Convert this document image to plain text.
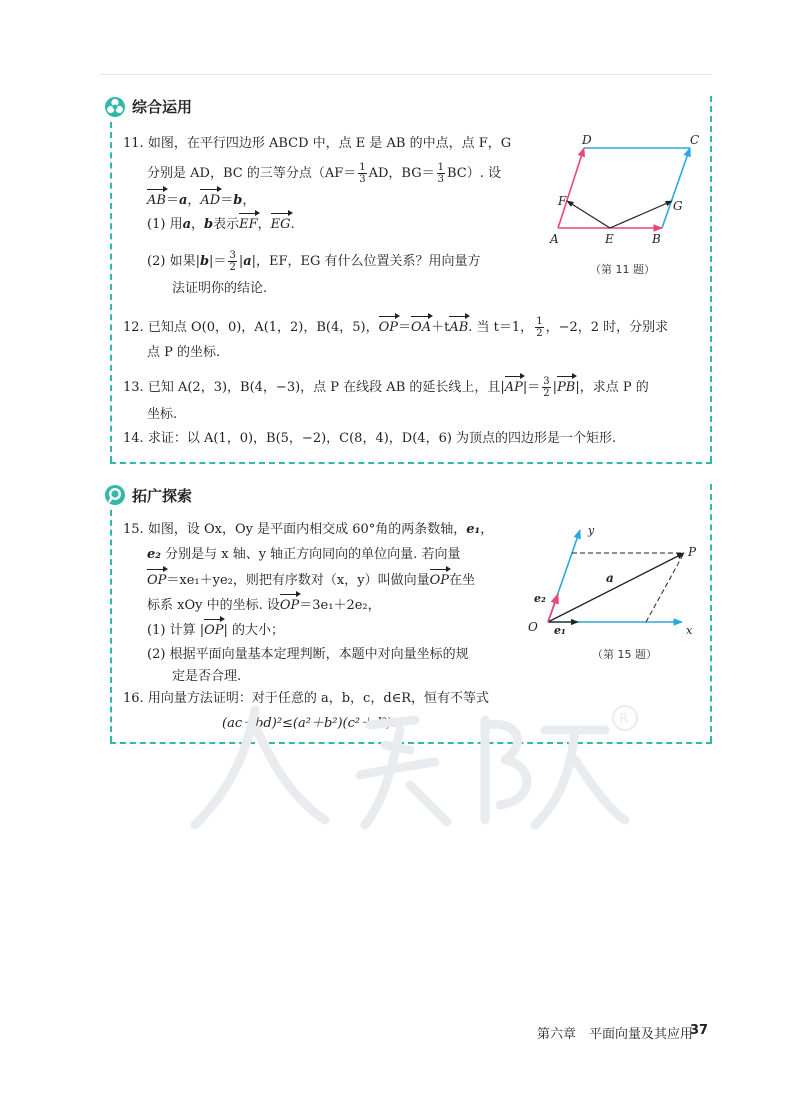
综合运用
11. 如图，在平行四边形 ABCD 中，点 E 是 AB 的中点，点 F，G
分别是 AD，BC 的三等分点（$AF= \frac{1}{3}$ AD，$BG= \frac{1}{3} BC$）. 设
AB＝a，AD＝b，
(1) 用a，b表示EF，EG.
(2) 如果$|b|= \frac{3}{2} |a|$，EF，EG 有什么位置关系？用向量方
法证明你的结论.
D	C
F	G
A	E	B
（第 11 题）
12. 已知点 O(0，0)，A(1，2)，B(4，5)，OP＝OA＋tAB. 当 t＝1， $\frac{1}{2}$ ，−2，2 时，分别求
点 P 的坐标.
13. 已知 A(2，3)，B(4，−3)，点 P 在线段 AB 的延长线上，且$|AP|= \frac{3}{2} |PB|$，求点 P 的
坐标.
14. 求证：以 A(1，0)，B(5，−2)，C(8，4)，D(4，6) 为顶点的四边形是一个矩形.
拓广探索
15. 如图，设 Ox，Oy 是平面内相交成 60°角的两条数轴，e₁，
e₂ 分别是与 x 轴、y 轴正方向同向的单位向量. 若向量
OP＝xe₁＋ye₂，则把有序数对（x，y）叫做向量OP在坐
标系 xOy 中的坐标. 设OP＝3e₁＋2e₂，
(1) 计算 |OP| 的大小；
(2) 根据平面向量基本定理判断，本题中对向量坐标的规
定是否合理.
y
P
a
e₂
O e₁	x
（第 15 题）
16. 用向量方法证明：对于任意的 a，b，c，d∈R，恒有不等式
(ac＋bd)²≤(a²＋b²)(c²＋d²).	R
第六章　平面向量及其应用
37
